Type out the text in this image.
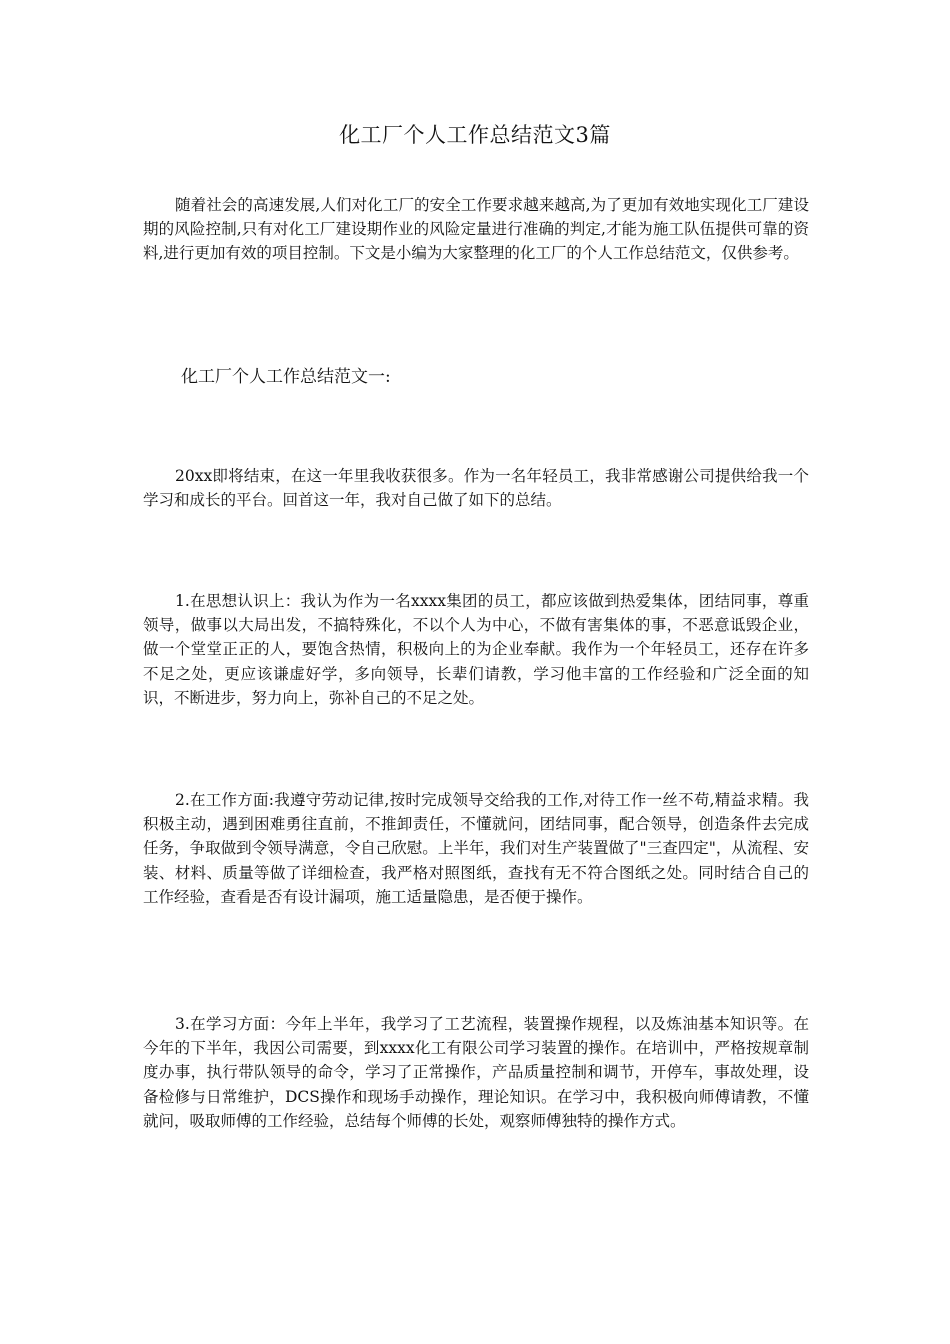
化工厂个人工作总结范文3篇

随着社会的高速发展,人们对化工厂的安全工作要求越来越高,为了更加有效地实现化工厂建设期的风险控制,只有对化工厂建设期作业的风险定量进行准确的判定,才能为施工队伍提供可靠的资料,进行更加有效的项目控制。下文是小编为大家整理的化工厂的个人工作总结范文，仅供参考。

化工厂个人工作总结范文一:

20xx即将结束，在这一年里我收获很多。作为一名年轻员工，我非常感谢公司提供给我一个学习和成长的平台。回首这一年，我对自己做了如下的总结。

1.在思想认识上：我认为作为一名xxxx集团的员工，都应该做到热爱集体，团结同事，尊重领导，做事以大局出发，不搞特殊化，不以个人为中心，不做有害集体的事，不恶意诋毁企业，做一个堂堂正正的人，要饱含热情，积极向上的为企业奉献。我作为一个年轻员工，还存在许多不足之处，更应该谦虚好学，多向领导，长辈们请教，学习他丰富的工作经验和广泛全面的知识，不断进步，努力向上，弥补自己的不足之处。

2.在工作方面:我遵守劳动记律,按时完成领导交给我的工作,对待工作一丝不苟,精益求精。我积极主动，遇到困难勇往直前，不推卸责任，不懂就问，团结同事，配合领导，创造条件去完成任务，争取做到令领导满意，令自己欣慰。上半年，我们对生产装置做了"三查四定"，从流程、安装、材料、质量等做了详细检查，我严格对照图纸，查找有无不符合图纸之处。同时结合自己的工作经验，查看是否有设计漏项，施工适量隐患，是否便于操作。

3.在学习方面：今年上半年，我学习了工艺流程，装置操作规程，以及炼油基本知识等。在今年的下半年，我因公司需要，到xxxx化工有限公司学习装置的操作。在培训中，严格按规章制度办事，执行带队领导的命令，学习了正常操作，产品质量控制和调节，开停车，事故处理，设备检修与日常维护，DCS操作和现场手动操作，理论知识。在学习中，我积极向师傅请教，不懂就问，吸取师傅的工作经验，总结每个师傅的长处，观察师傅独特的操作方式。
